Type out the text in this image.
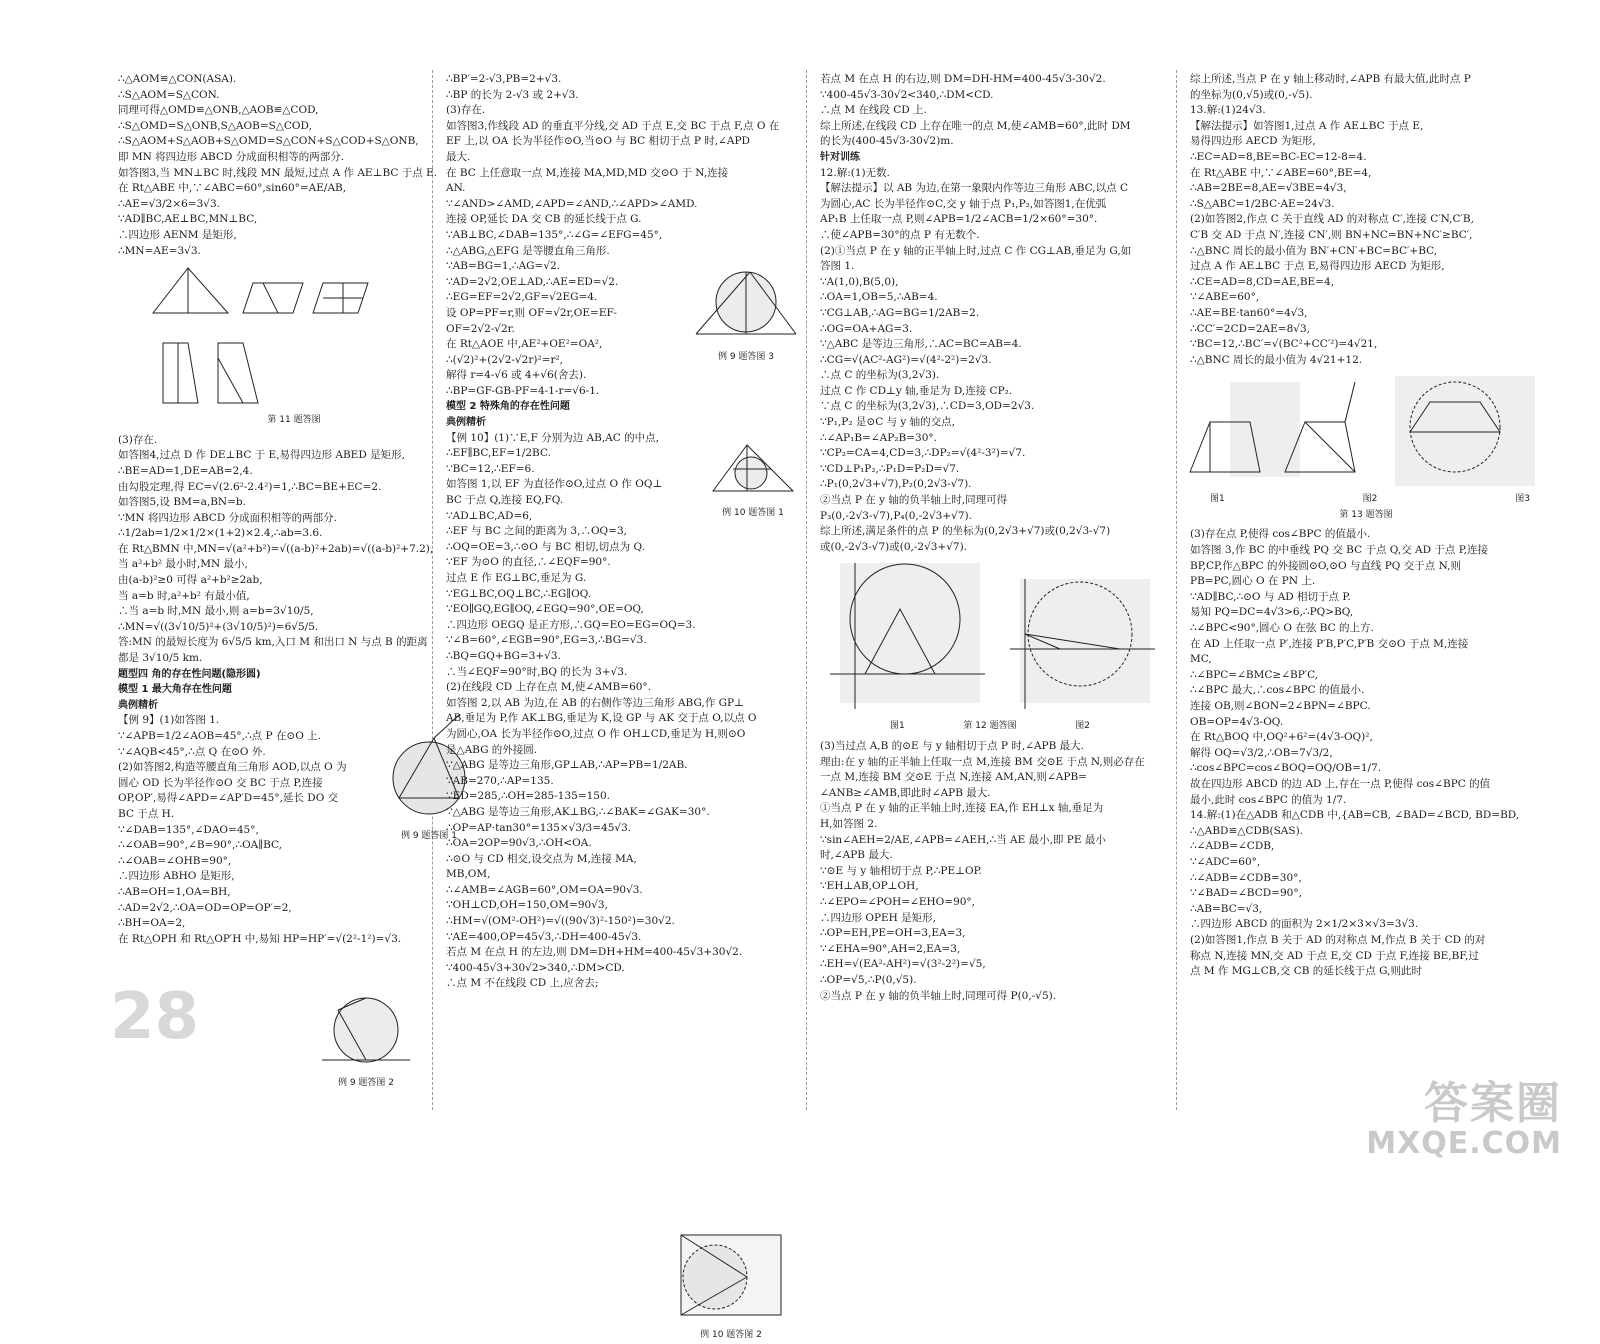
∴△AOM≌△CON(ASA).

∴S△AOM=S△CON.

同理可得△OMD≌△ONB,△AOB≌△COD,

∴S△OMD=S△ONB,S△AOB=S△COD,

∴S△AOM+S△AOB+S△OMD=S△CON+S△COD+S△ONB,

即 MN 将四边形 ABCD 分成面积相等的两部分.

如答图3,当 MN⊥BC 时,线段 MN 最短,过点 A 作 AE⊥BC 于点 E.

在 Rt△ABE 中,∵∠ABC=60°,sin60°=AE/AB,

∴AE=√3/2×6=3√3.

∵AD∥BC,AE⊥BC,MN⊥BC,

∴四边形 AENM 是矩形,

∴MN=AE=3√3.

第 11 题答图

(3)存在.

如答图4,过点 D 作 DE⊥BC 于 E,易得四边形 ABED 是矩形,

∴BE=AD=1,DE=AB=2,4.

由勾股定理,得 EC=√(2.6²-2.4²)=1,∴BC=BE+EC=2.

如答图5,设 BM=a,BN=b.

∵MN 将四边形 ABCD 分成面积相等的两部分.

∴1/2ab=1/2×1/2×(1+2)×2.4,∴ab=3.6.

在 Rt△BMN 中,MN=√(a²+b²)=√((a-b)²+2ab)=√((a-b)²+7.2),

当 a²+b² 最小时,MN 最小,

由(a-b)²≥0 可得 a²+b²≥2ab,

当 a=b 时,a²+b² 有最小值,

∴当 a=b 时,MN 最小,则 a=b=3√10/5,

∴MN=√((3√10/5)²+(3√10/5)²)=6√5/5.

答:MN 的最短长度为 6√5/5 km,入口 M 和出口 N 与点 B 的距离

都是 3√10/5 km.

题型四 角的存在性问题(隐形圆)

模型 1 最大角存在性问题

典例精析

【例 9】(1)如答图 1.

∵∠APB=1/2∠AOB=45°,∴点 P 在⊙O 上.

∵∠AQB<45°,∴点 Q 在⊙O 外.

(2)如答图2,构造等腰直角三角形 AOD,以点 O 为

圆心 OD 长为半径作⊙O 交 BC 于点 P,连接

OP,OP′,易得∠APD=∠AP′D=45°,延长 DO 交

BC 于点 H.

∵∠DAB=135°,∠DAO=45°,

∴∠OAB=90°,∠B=90°,∴OA∥BC,

∴∠OAB=∠OHB=90°,

∴四边形 ABHO 是矩形,

∴AB=OH=1,OA=BH,

∴AD=2√2,∴OA=OD=OP=OP′=2,

∴BH=OA=2,

在 Rt△OPH 和 Rt△OP′H 中,易知 HP=HP′=√(2²-1²)=√3.

例 9 题答图 1
例 9 题答图 2

∴BP′=2-√3,PB=2+√3.

∴BP 的长为 2-√3 或 2+√3.

(3)存在.

如答图3,作线段 AD 的垂直平分线,交 AD 于点 E,交 BC 于点 F,点 O 在

EF 上,以 OA 长为半径作⊙O,当⊙O 与 BC 相切于点 P 时,∠APD

最大.

在 BC 上任意取一点 M,连接 MA,MD,MD 交⊙O 于 N,连接

AN.

∵∠AND>∠AMD,∠APD=∠AND,∴∠APD>∠AMD.

连接 OP,延长 DA 交 CB 的延长线于点 G.

∵AB⊥BC,∠DAB=135°,∴∠G=∠EFG=45°,

∴△ABG,△EFG 是等腰直角三角形.

∵AB=BG=1,∴AG=√2.

∵AD=2√2,OE⊥AD,∴AE=ED=√2.

∴EG=EF=2√2,GF=√2EG=4.

设 OP=PF=r,则 OF=√2r,OE=EF-

OF=2√2-√2r.

在 Rt△AOE 中,AE²+OE²=OA²,

∴(√2)²+(2√2-√2r)²=r²,

解得 r=4-√6 或 4+√6(舍去).

∴BP=GF-GB-PF=4-1-r=√6-1.

例 9 题答图 3

模型 2 特殊角的存在性问题

典例精析

【例 10】(1)∵E,F 分别为边 AB,AC 的中点,

∴EF∥BC,EF=1/2BC.

∵BC=12,∴EF=6.

如答图 1,以 EF 为直径作⊙O,过点 O 作 OQ⊥

BC 于点 Q,连接 EQ,FQ.

∵AD⊥BC,AD=6,

∴EF 与 BC 之间的距离为 3,∴OQ=3,

∴OQ=OE=3,∴⊙O 与 BC 相切,切点为 Q.

∵EF 为⊙O 的直径,∴∠EQF=90°.

过点 E 作 EG⊥BC,垂足为 G.

∵EG⊥BC,OQ⊥BC,∴EG∥OQ.

∵EO∥GQ,EG∥OQ,∠EGQ=90°,OE=OQ,

∴四边形 OEGQ 是正方形,∴GQ=EO=EG=OQ=3.

∵∠B=60°,∠EGB=90°,EG=3,∴BG=√3.

∴BQ=GQ+BG=3+√3.

∴当∠EQF=90°时,BQ 的长为 3+√3.

(2)在线段 CD 上存在点 M,使∠AMB=60°.

如答图 2,以 AB 为边,在 AB 的右侧作等边三角形 ABG,作 GP⊥

AB,垂足为 P,作 AK⊥BG,垂足为 K,设 GP 与 AK 交于点 O,以点 O

为圆心,OA 长为半径作⊙O,过点 O 作 OH⊥CD,垂足为 H,则⊙O

是△ABG 的外接圆.

∵△ABG 是等边三角形,GP⊥AB,∴AP=PB=1/2AB.

∵AB=270,∴AP=135.

∵ED=285,∴OH=285-135=150.

∵△ABG 是等边三角形,AK⊥BG,∴∠BAK=∠GAK=30°.

∴OP=AP·tan30°=135×√3/3=45√3.

∴OA=2OP=90√3,∴OH<OA.

∴⊙O 与 CD 相交,设交点为 M,连接 MA,

MB,OM,

∴∠AMB=∠AGB=60°,OM=OA=90√3.

∵OH⊥CD,OH=150,OM=90√3,

∴HM=√(OM²-OH²)=√((90√3)²-150²)=30√2.

∵AE=400,OP=45√3,∴DH=400-45√3.

若点 M 在点 H 的左边,则 DM=DH+HM=400-45√3+30√2.

∵400-45√3+30√2>340,∴DM>CD.

∴点 M 不在线段 CD 上,应舍去;

例 10 题答图 1
例 10 题答图 2

若点 M 在点 H 的右边,则 DM=DH-HM=400-45√3-30√2.

∵400-45√3-30√2<340,∴DM<CD.

∴点 M 在线段 CD 上.

综上所述,在线段 CD 上存在唯一的点 M,使∠AMB=60°,此时 DM

的长为(400-45√3-30√2)m.

针对训练

12.解:(1)无数.

【解法提示】以 AB 为边,在第一象限内作等边三角形 ABC,以点 C

为圆心,AC 长为半径作⊙C,交 y 轴于点 P₁,P₂,如答图1,在优弧

AP₁B 上任取一点 P,则∠APB=1/2∠ACB=1/2×60°=30°.

∴使∠APB=30°的点 P 有无数个.

(2)①当点 P 在 y 轴的正半轴上时,过点 C 作 CG⊥AB,垂足为 G,如

答图 1.

∵A(1,0),B(5,0),

∴OA=1,OB=5,∴AB=4.

∵CG⊥AB,∴AG=BG=1/2AB=2.

∴OG=OA+AG=3.

∵△ABC 是等边三角形,∴AC=BC=AB=4.

∴CG=√(AC²-AG²)=√(4²-2²)=2√3.

∴点 C 的坐标为(3,2√3).

过点 C 作 CD⊥y 轴,垂足为 D,连接 CP₂.

∵点 C 的坐标为(3,2√3),∴CD=3,OD=2√3.

∵P₁,P₂ 是⊙C 与 y 轴的交点,

∴∠AP₁B=∠AP₂B=30°.

∵CP₂=CA=4,CD=3,∴DP₂=√(4²-3²)=√7.

∵CD⊥P₁P₂,∴P₁D=P₂D=√7.

∴P₁(0,2√3+√7),P₂(0,2√3-√7).

②当点 P 在 y 轴的负半轴上时,同理可得

P₃(0,-2√3-√7),P₄(0,-2√3+√7).

综上所述,满足条件的点 P 的坐标为(0,2√3+√7)或(0,2√3-√7)

或(0,-2√3-√7)或(0,-2√3+√7).

图1	第 12 题答图	图2

(3)当过点 A,B 的⊙E 与 y 轴相切于点 P 时,∠APB 最大.

理由:在 y 轴的正半轴上任取一点 M,连接 BM 交⊙E 于点 N,则必存在

一点 M,连接 BM 交⊙E 于点 N,连接 AM,AN,则∠APB=

∠ANB≥∠AMB,即此时∠APB 最大.

①当点 P 在 y 轴的正半轴上时,连接 EA,作 EH⊥x 轴,垂足为

H,如答图 2.

∵sin∠AEH=2/AE,∠APB=∠AEH,∴当 AE 最小,即 PE 最小

时,∠APB 最大.

∵⊙E 与 y 轴相切于点 P,∴PE⊥OP.

∵EH⊥AB,OP⊥OH,

∴∠EPO=∠POH=∠EHO=90°,

∴四边形 OPEH 是矩形,

∴OP=EH,PE=OH=3,EA=3,

∵∠EHA=90°,AH=2,EA=3,

∴EH=√(EA²-AH²)=√(3²-2²)=√5,

∴OP=√5,∴P(0,√5).

②当点 P 在 y 轴的负半轴上时,同理可得 P(0,-√5).

综上所述,当点 P 在 y 轴上移动时,∠APB 有最大值,此时点 P

的坐标为(0,√5)或(0,-√5).

13.解:(1)24√3.

【解法提示】如答图1,过点 A 作 AE⊥BC 于点 E,

易得四边形 AECD 为矩形,

∴EC=AD=8,BE=BC-EC=12-8=4.

在 Rt△ABE 中,∵∠ABE=60°,BE=4,

∴AB=2BE=8,AE=√3BE=4√3,

∴S△ABC=1/2BC·AE=24√3.

(2)如答图2,作点 C 关于直线 AD 的对称点 C′,连接 C′N,C′B,

C′B 交 AD 于点 N′,连接 CN′,则 BN+NC=BN+NC′≥BC′,

∴△BNC 周长的最小值为 BN′+CN′+BC=BC′+BC,

过点 A 作 AE⊥BC 于点 E,易得四边形 AECD 为矩形,

∴CE=AD=8,CD=AE,BE=4,

∵∠ABE=60°,

∴AE=BE·tan60°=4√3,

∴CC′=2CD=2AE=8√3,

∵BC=12,∴BC′=√(BC²+CC′²)=4√21,

∴△BNC 周长的最小值为 4√21+12.

图1	图2	图3
第 13 题答图

(3)存在点 P,使得 cos∠BPC 的值最小.

如答图 3,作 BC 的中垂线 PQ 交 BC 于点 Q,交 AD 于点 P,连接

BP,CP,作△BPC 的外接圆⊙O,⊙O 与直线 PQ 交于点 N,则

PB=PC,圆心 O 在 PN 上.

∵AD∥BC,∴⊙O 与 AD 相切于点 P.

易知 PQ=DC=4√3>6,∴PQ>BQ,

∴∠BPC<90°,圆心 O 在弦 BC 的上方.

在 AD 上任取一点 P′,连接 P′B,P′C,P′B 交⊙O 于点 M,连接

MC,

∴∠BPC=∠BMC≥∠BP′C,

∴∠BPC 最大,∴cos∠BPC 的值最小.

连接 OB,则∠BON=2∠BPN=∠BPC.

OB=OP=4√3-OQ.

在 Rt△BOQ 中,OQ²+6²=(4√3-OQ)²,

解得 OQ=√3/2,∴OB=7√3/2,

∴cos∠BPC=cos∠BOQ=OQ/OB=1/7.

故在四边形 ABCD 的边 AD 上,存在一点 P,使得 cos∠BPC 的值

最小,此时 cos∠BPC 的值为 1/7.

14.解:(1)在△ADB 和△CDB 中,{AB=CB, ∠BAD=∠BCD, BD=BD,

∴△ABD≌△CDB(SAS).

∴∠ADB=∠CDB,

∵∠ADC=60°,

∴∠ADB=∠CDB=30°,

∵∠BAD=∠BCD=90°,

∴AB=BC=√3,

∴四边形 ABCD 的面积为 2×1/2×3×√3=3√3.

(2)如答图1,作点 B 关于 AD 的对称点 M,作点 B 关于 CD 的对

称点 N,连接 MN,交 AD 于点 E,交 CD 于点 F,连接 BE,BF,过

点 M 作 MG⊥CB,交 CB 的延长线于点 G,则此时

28
答案圈
MXQE.COM
